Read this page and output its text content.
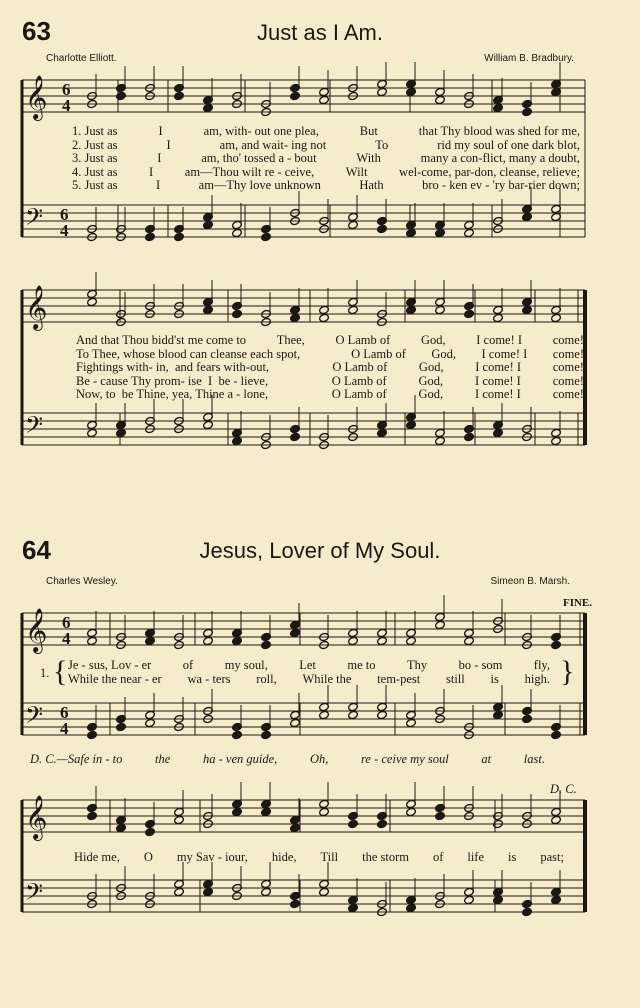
63	Just as I Am.
Charlotte Elliott.	William B. Bradbury.
1. Just as	I	am, with- out one plea,	But	that Thy blood was shed for me,
2. Just as	I	am, and wait- ing not	To	rid my soul of one dark blot,
3. Just as	I	am, tho' tossed a - bout	With	many a con-flict, many a doubt,
4. Just as	I	am—Thou wilt re - ceive,	Wilt	wel-come, par-don, cleanse, relieve;
5. Just as	I	am—Thy love unknown	Hath	bro - ken ev - 'ry bar-rier down;
And that Thou bidd'st me come to Thee, O Lamb of God, I come! I come!
To Thee, whose blood can cleanse each spot,	O Lamb of God, I come! I come!
Fightings with- in,  and fears with-out,	O Lamb of	God,	I come! I	come!
Be - cause Thy prom- ise  I  be - lieve,	O Lamb of	God,	I come! I	come!
Now, to  be Thine, yea, Thine a - lone,	O Lamb of	God,	I come! I	come!
64	Jesus, Lover of My Soul.
Charles Wesley.	Simeon B. Marsh.
FINE.
1. {	}
Je - sus, Lov - er	of	my soul,	Let	me to	Thy	bo - som	fly,
While the near - er wa - ters roll, While the tem-pest still is high.
D. C.—Safe in - to	the	ha - ven guide,	Oh,	re - ceive my soul	at	last.
D. C.
Hide me, O my Sav - iour, hide, Till the storm of life is past;
𝄞
𝄢
𝄞
𝄢
𝄞
𝄢
𝄞
𝄢
6
4
6
4
6
4
6
4
